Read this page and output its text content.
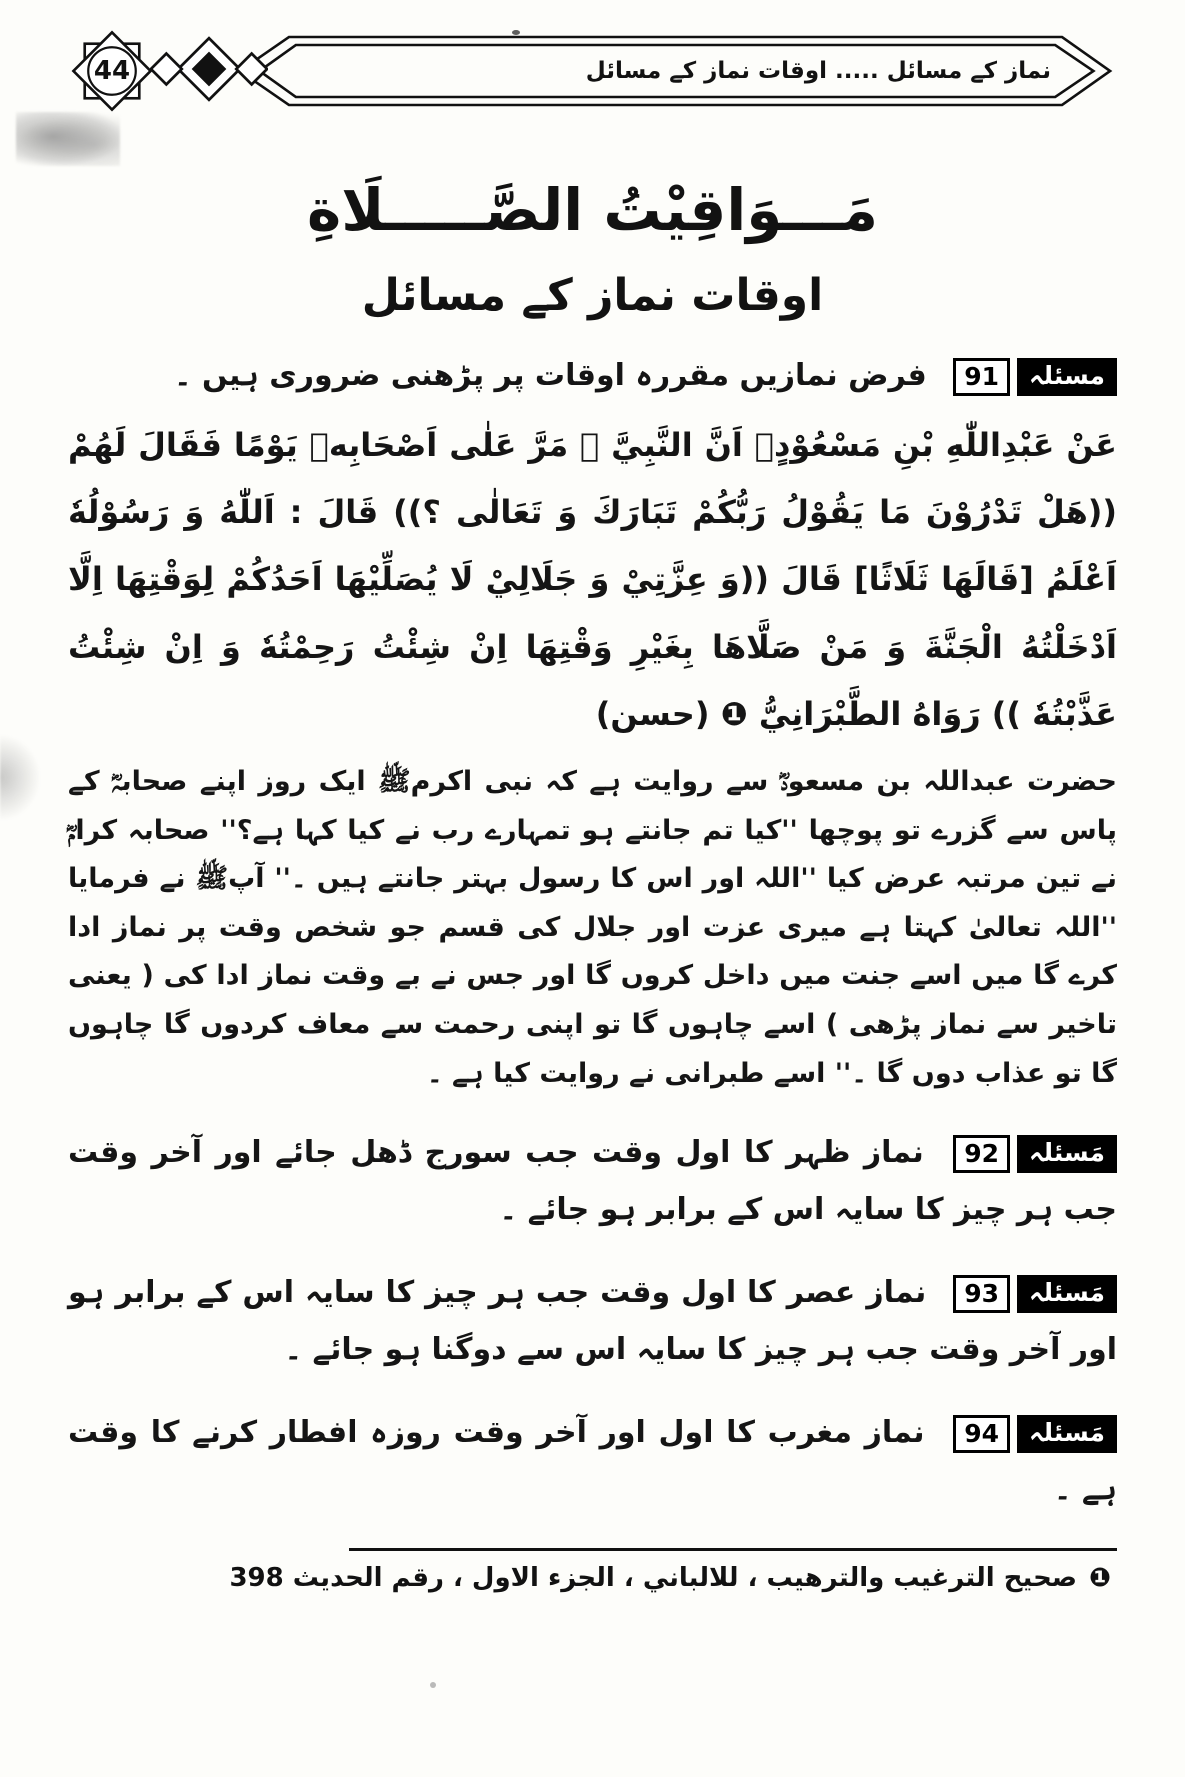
44	نماز کے مسائل ..... اوقات نماز کے مسائل
مَـــوَاقِيْتُ الصَّـــــلَاةِ
اوقات نماز کے مسائل

مسئلہ
91
فرض نمازیں مقررہ اوقات پر پڑھنی ضروری ہیں ۔

عَنْ عَبْدِاللّٰهِ بْنِ مَسْعُوْدٍؓ اَنَّ النَّبِيَّ ﷺ مَرَّ عَلٰى اَصْحَابِهٖ يَوْمًا فَقَالَ لَهُمْ ((هَلْ تَدْرُوْنَ مَا يَقُوْلُ رَبُّكُمْ تَبَارَكَ وَ تَعَالٰى ؟)) قَالَ : اَللّٰهُ وَ رَسُوْلُهٗ اَعْلَمُ [قَالَهَا ثَلَاثًا] قَالَ ((وَ عِزَّتِيْ وَ جَلَالِيْ لَا يُصَلِّيْهَا اَحَدُكُمْ لِوَقْتِهَا اِلَّا اَدْخَلْتُهُ الْجَنَّةَ وَ مَنْ صَلَّاهَا بِغَيْرِ وَقْتِهَا اِنْ شِئْتُ رَحِمْتُهٗ وَ اِنْ شِئْتُ عَذَّبْتُهٗ )) رَوَاهُ الطَّبْرَانِيُّ ❶ (حسن)

حضرت عبداللہ بن مسعودؓ سے روایت ہے کہ نبی اکرمﷺ ایک روز اپنے صحابہؓ کے پاس سے گزرے تو پوچھا ''کیا تم جانتے ہو تمہارے رب نے کیا کہا ہے؟'' صحابہ کرامؓ نے تین مرتبہ عرض کیا ''اللہ اور اس کا رسول بہتر جانتے ہیں ۔'' آپﷺ نے فرمایا ''اللہ تعالیٰ کہتا ہے میری عزت اور جلال کی قسم جو شخص وقت پر نماز ادا کرے گا میں اسے جنت میں داخل کروں گا اور جس نے بے وقت نماز ادا کی ( یعنی تاخیر سے نماز پڑھی ) اسے چاہوں گا تو اپنی رحمت سے معاف کردوں گا چاہوں گا تو عذاب دوں گا ۔'' اسے طبرانی نے روایت کیا ہے ۔

مَسئلہ
92
نماز ظہر کا اول وقت جب سورج ڈھل جائے اور آخر وقت جب ہر چیز کا سایہ اس کے برابر ہو جائے ۔

مَسئلہ
93
نماز عصر کا اول وقت جب ہر چیز کا سایہ اس کے برابر ہو اور آخر وقت جب ہر چیز کا سایہ اس سے دوگنا ہو جائے ۔

مَسئلہ
94
نماز مغرب کا اول اور آخر وقت روزہ افطار کرنے کا وقت ہے ۔

❶
صحيح الترغيب والترهيب ، للالباني ، الجزء الاول ، رقم الحديث 398
